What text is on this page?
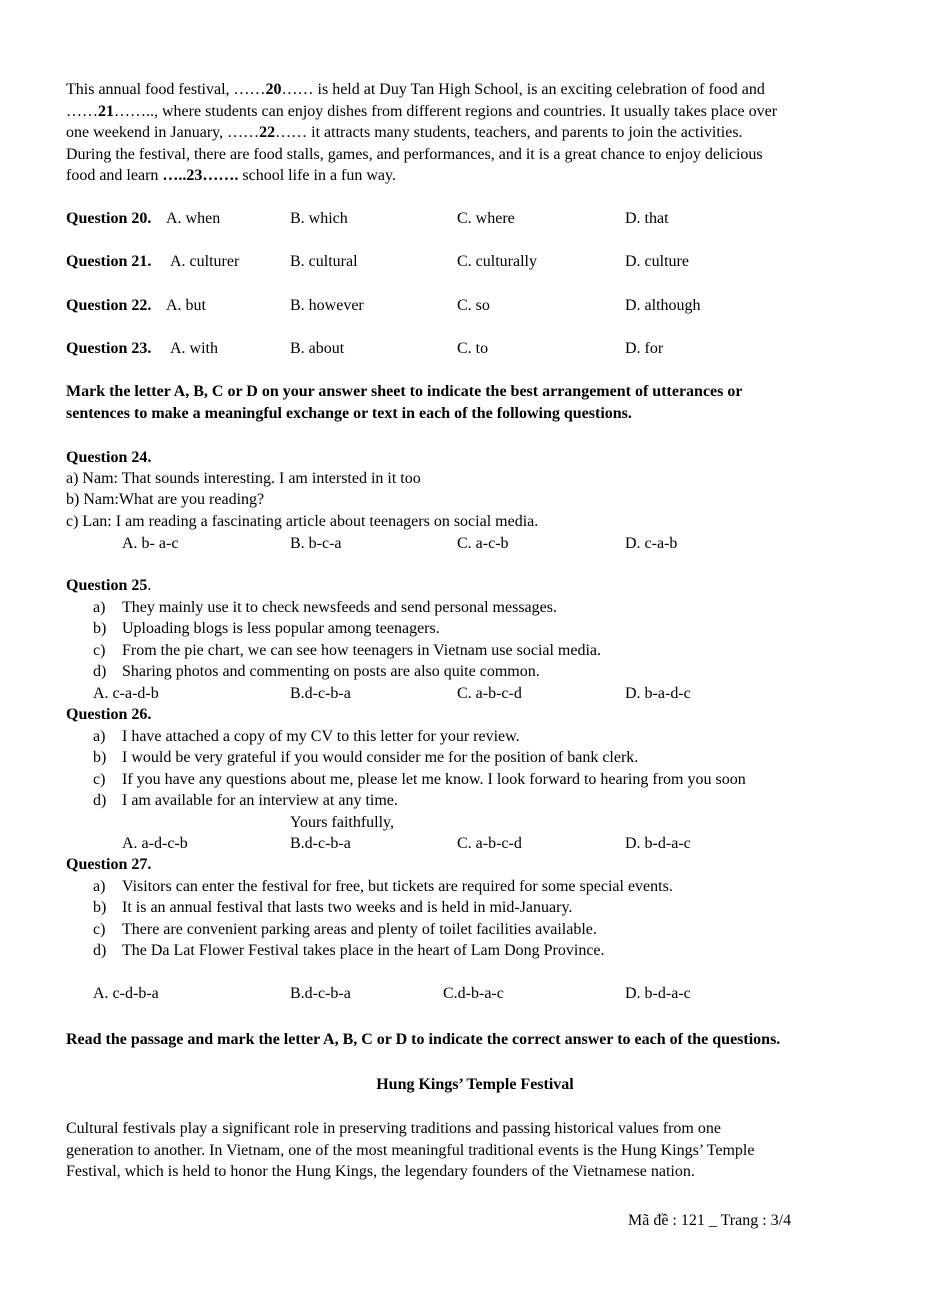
This annual food festival, ……20…… is held at Duy Tan High School, is an exciting celebration of food and
……21…….., where students can enjoy dishes from different regions and countries. It usually takes place over
one weekend in January, ……22…… it attracts many students, teachers, and parents to join the activities.
During the festival, there are food stalls, games, and performances, and it is a great chance to enjoy delicious
food and learn …..23……. school life in a fun way.
Question 20. A. when	B. which	C. where	D. that
Question 21. A. culturer	B. cultural	C. culturally	D. culture
Question 22. A. but	B. however	C. so	D. although
Question 23. A. with	B. about	C. to	D. for
Mark the letter A, B, C or D on your answer sheet to indicate the best arrangement of utterances or
sentences to make a meaningful exchange or text in each of the following questions.
Question 24.
a) Nam: That sounds interesting. I am intersted in it too
b) Nam:What are you reading?
c) Lan: I am reading a fascinating article about teenagers on social media.
A. b- a-c	B. b-c-a	C. a-c-b	D. c-a-b
Question 25.
a) They mainly use it to check newsfeeds and send personal messages.
b) Uploading blogs is less popular among teenagers.
c) From the pie chart, we can see how teenagers in Vietnam use social media.
d) Sharing photos and commenting on posts are also quite common.
A. c-a-d-b	B.d-c-b-a	C. a-b-c-d	D. b-a-d-c
Question 26.
a) I have attached a copy of my CV to this letter for your review.
b) I would be very grateful if you would consider me for the position of bank clerk.
c) If you have any questions about me, please let me know. I look forward to hearing from you soon
d) I am available for an interview at any time.
Yours faithfully,
A. a-d-c-b	B.d-c-b-a	C. a-b-c-d	D. b-d-a-c
Question 27.
a) Visitors can enter the festival for free, but tickets are required for some special events.
b) It is an annual festival that lasts two weeks and is held in mid-January.
c) There are convenient parking areas and plenty of toilet facilities available.
d) The Da Lat Flower Festival takes place in the heart of Lam Dong Province.
A. c-d-b-a	B.d-c-b-a	C.d-b-a-c	D. b-d-a-c
Read the passage and mark the letter A, B, C or D to indicate the correct answer to each of the questions.
Hung Kings’ Temple Festival
Cultural festivals play a significant role in preserving traditions and passing historical values from one
generation to another. In Vietnam, one of the most meaningful traditional events is the Hung Kings’ Temple
Festival, which is held to honor the Hung Kings, the legendary founders of the Vietnamese nation.
Mã đề : 121 _ Trang : 3/4
